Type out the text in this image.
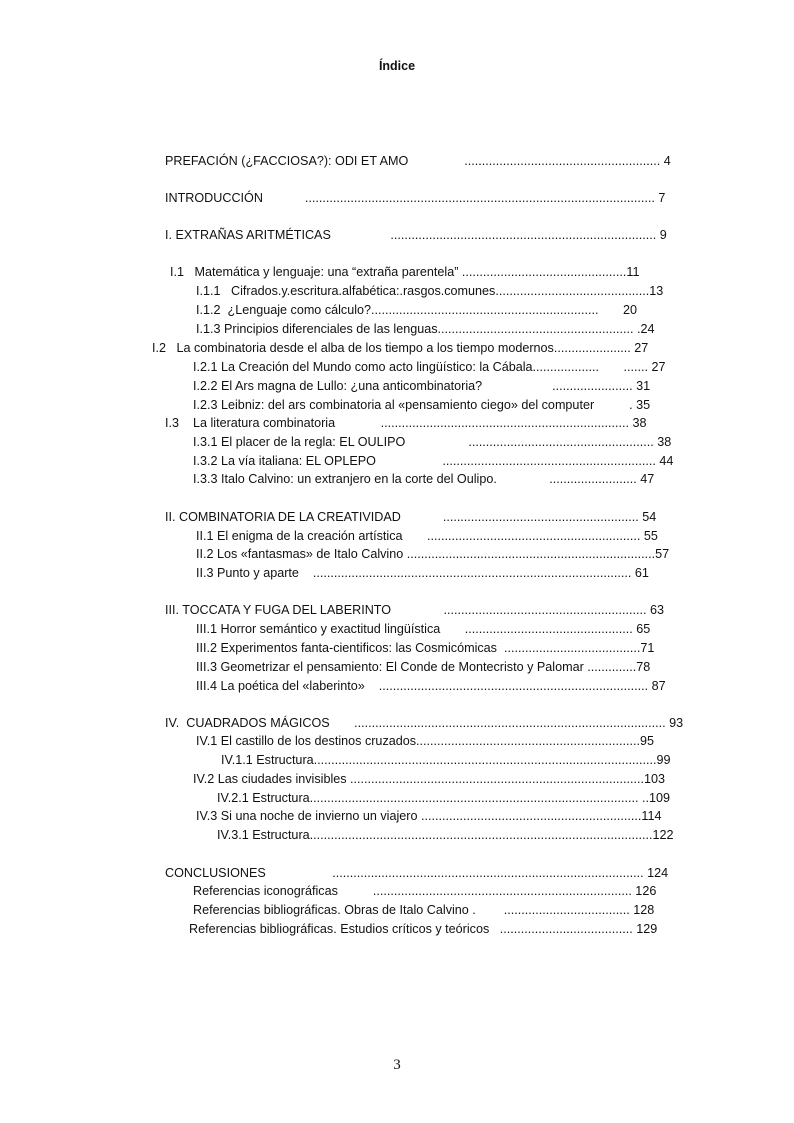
Índice
PREFACIÓN (¿FACCIOSA?): ODI ET AMO                ........................................................ 4
INTRODUCCIÓN            .................................................................................................... 7
I. EXTRAÑAS ARITMÉTICAS                 ............................................................................ 9
I.1   Matemática y lenguaje: una “extraña parentela” ...............................................11
I.1.1   Cifrados.y.escritura.alfabética:.rasgos.comunes............................................13
I.1.2  ¿Lenguaje como cálculo?.................................................................       20
I.1.3 Principios diferenciales de las lenguas........................................................ .24
I.2   La combinatoria desde el alba de los tiempo a los tiempo modernos...................... 27
I.2.1 La Creación del Mundo como acto lingüístico: la Cábala...................       ....... 27
I.2.2 El Ars magna de Lullo: ¿una anticombinatoria?                    ....................... 31
I.2.3 Leibniz: del ars combinatoria al «pensamiento ciego» del computer          . 35
I.3    La literatura combinatoria             ....................................................................... 38
I.3.1 El placer de la regla: EL OULIPO                  ..................................................... 38
I.3.2 La vía italiana: EL OPLEPO                   ............................................................. 44
I.3.3 Italo Calvino: un extranjero en la corte del Oulipo.               ......................... 47
II. COMBINATORIA DE LA CREATIVIDAD            ........................................................ 54
II.1 El enigma de la creación artística       ............................................................. 55
II.2 Los «fantasmas» de Italo Calvino .......................................................................57
II.3 Punto y aparte    ........................................................................................... 61
III. TOCCATA Y FUGA DEL LABERINTO               .......................................................... 63
III.1 Horror semántico y exactitud lingüística       ................................................ 65
III.2 Experimentos fanta-cientificos: las Cosmicómicas  .......................................71
III.3 Geometrizar el pensamiento: El Conde de Montecristo y Palomar ..............78
III.4 La poética del «laberinto»    ............................................................................. 87
IV.  CUADRADOS MÁGICOS       ......................................................................................... 93
IV.1 El castillo de los destinos cruzados................................................................95
IV.1.1 Estructura..................................................................................................99
IV.2 Las ciudades invisibles ....................................................................................103
IV.2.1 Estructura.............................................................................................. ..109
IV.3 Si una noche de invierno un viajero ...............................................................114
IV.3.1 Estructura..................................................................................................122
CONCLUSIONES                   ......................................................................................... 124
Referencias iconográficas          .......................................................................... 126
Referencias bibliográficas. Obras de Italo Calvino .        .................................... 128
Referencias bibliográficas. Estudios críticos y teóricos   ...................................... 129
3
